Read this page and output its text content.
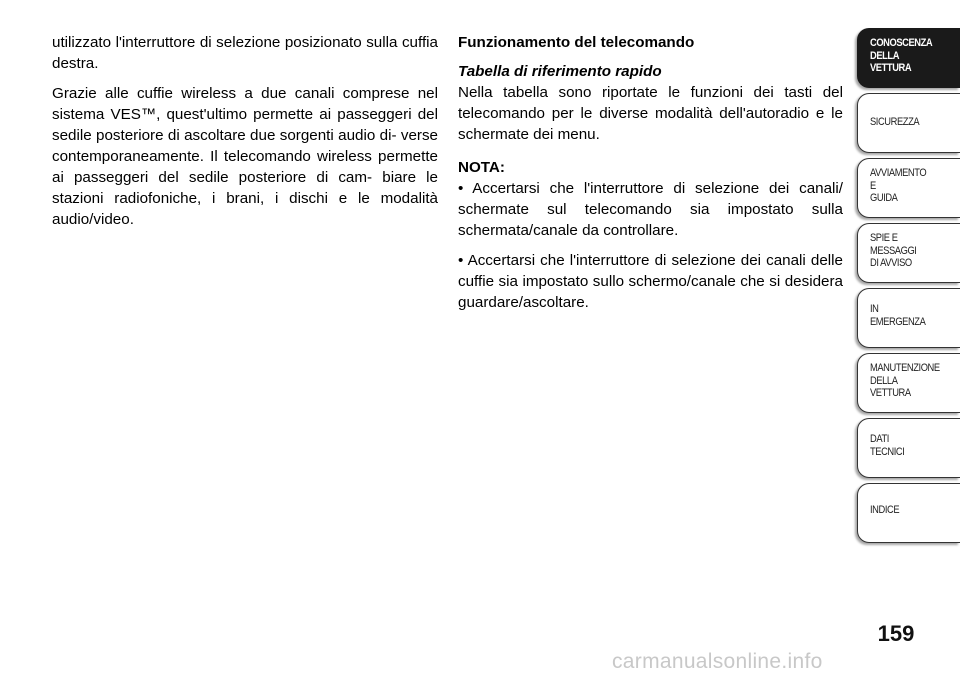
utilizzato l'interruttore di selezione posizionato sulla cuffia destra.

Grazie alle cuffie wireless a due canali comprese nel sistema VES™, quest'ultimo permette ai passeggeri del sedile posteriore di ascoltare due sorgenti audio di- verse contemporaneamente. Il telecomando wireless permette ai passeggeri del sedile posteriore di cam- biare le stazioni radiofoniche, i brani, i dischi e le modalità audio/video.

Funzionamento del telecomando
Tabella di riferimento rapido

Nella tabella sono riportate le funzioni dei tasti del telecomando per le diverse modalità dell'autoradio e le schermate dei menu.

NOTA:

• Accertarsi che l'interruttore di selezione dei canali/ schermate sul telecomando sia impostato sulla schermata/canale da controllare.

• Accertarsi che l'interruttore di selezione dei canali delle cuffie sia impostato sullo schermo/canale che si desidera guardare/ascoltare.

CONOSCENZA
DELLA
VETTURA
SICUREZZA
AVVIAMENTO
E
GUIDA
SPIE E
MESSAGGI
DI AVVISO
IN
EMERGENZA
MANUTENZIONE
DELLA
VETTURA
DATI
TECNICI
INDICE
159
carmanualsonline.info
